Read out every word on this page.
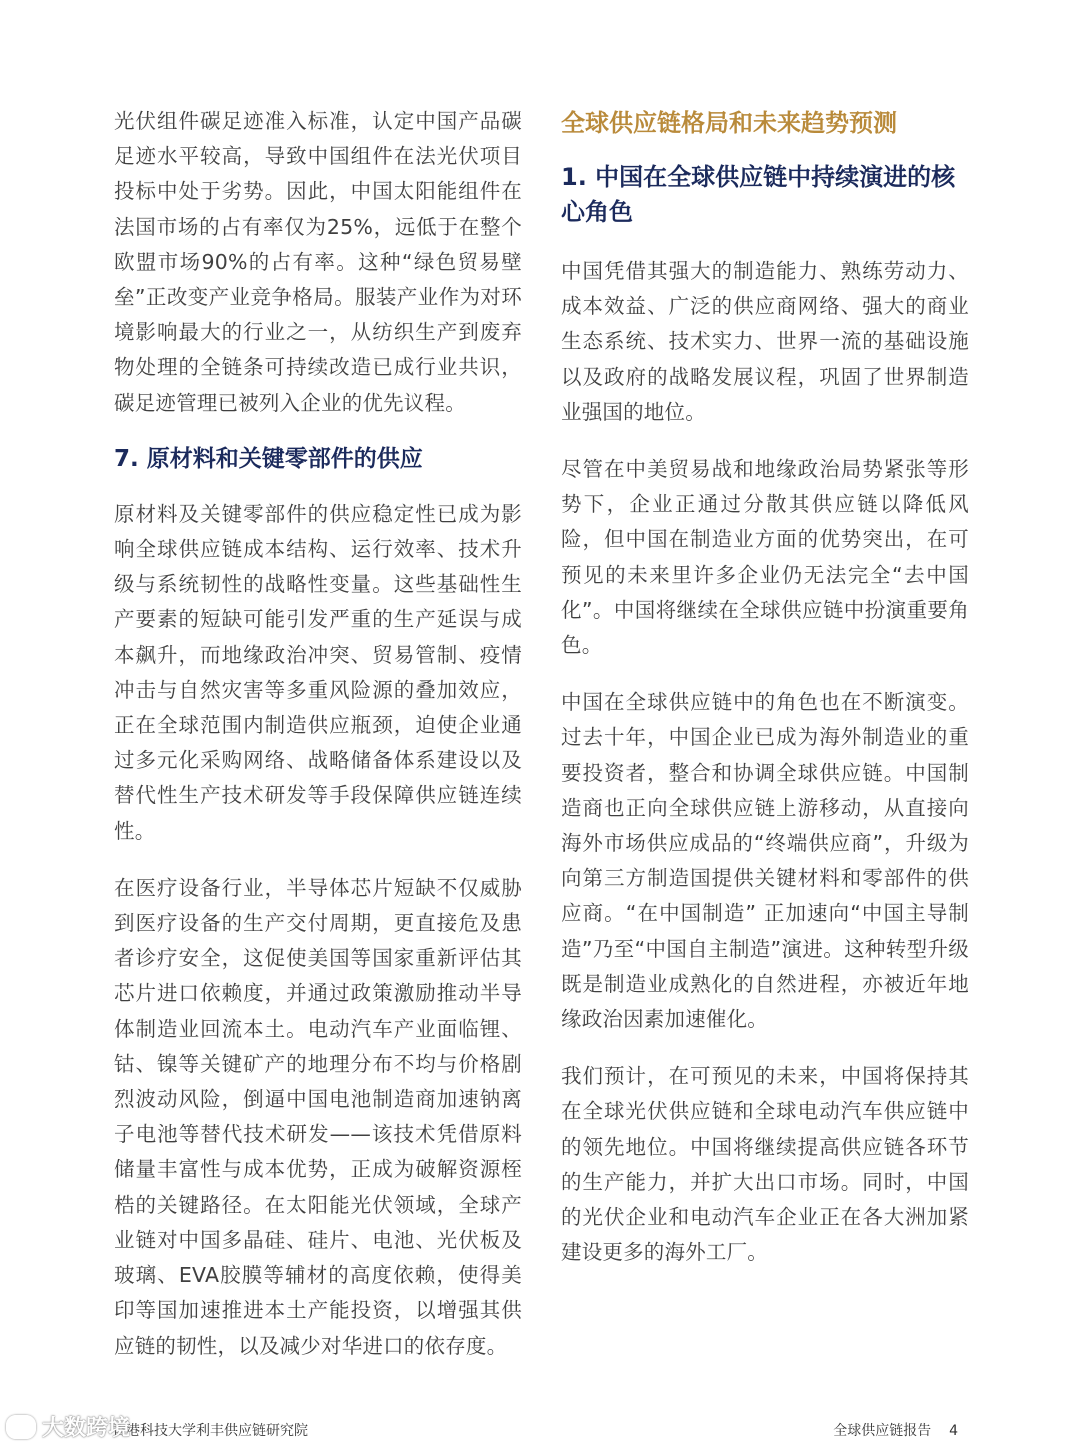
光伏组件碳足迹准入标准，认定中国产品碳足迹水平较高，导致中国组件在法光伏项目投标中处于劣势。因此，中国太阳能组件在法国市场的占有率仅为25%，远低于在整个欧盟市场90%的占有率。这种“绿色贸易壁垒”正改变产业竞争格局。服装产业作为对环境影响最大的行业之一，从纺织生产到废弃物处理的全链条可持续改造已成行业共识，碳足迹管理已被列入企业的优先议程。

7. 原材料和关键零部件的供应

原材料及关键零部件的供应稳定性已成为影响全球供应链成本结构、运行效率、技术升级与系统韧性的战略性变量。这些基础性生产要素的短缺可能引发严重的生产延误与成本飙升，而地缘政治冲突、贸易管制、疫情冲击与自然灾害等多重风险源的叠加效应，正在全球范围内制造供应瓶颈，迫使企业通过多元化采购网络、战略储备体系建设以及替代性生产技术研发等手段保障供应链连续性。

在医疗设备行业，半导体芯片短缺不仅威胁到医疗设备的生产交付周期，更直接危及患者诊疗安全，这促使美国等国家重新评估其芯片进口依赖度，并通过政策激励推动半导体制造业回流本土。电动汽车产业面临锂、钴、镍等关键矿产的地理分布不均与价格剧烈波动风险，倒逼中国电池制造商加速钠离子电池等替代技术研发——该技术凭借原料储量丰富性与成本优势，正成为破解资源桎梏的关键路径。在太阳能光伏领域，全球产业链对中国多晶硅、硅片、电池、光伏板及玻璃、EVA胶膜等辅材的高度依赖，使得美印等国加速推进本土产能投资，以增强其供应链的韧性，以及减少对华进口的依存度。

全球供应链格局和未来趋势预测
1. 中国在全球供应链中持续演进的核心角色

中国凭借其强大的制造能力、熟练劳动力、成本效益、广泛的供应商网络、强大的商业生态系统、技术实力、世界一流的基础设施以及政府的战略发展议程，巩固了世界制造业强国的地位。

尽管在中美贸易战和地缘政治局势紧张等形势下，企业正通过分散其供应链以降低风险，但中国在制造业方面的优势突出，在可预见的未来里许多企业仍无法完全“去中国化”。中国将继续在全球供应链中扮演重要角色。

中国在全球供应链中的角色也在不断演变。过去十年，中国企业已成为海外制造业的重要投资者，整合和协调全球供应链。中国制造商也正向全球供应链上游移动，从直接向海外市场供应成品的“终端供应商”，升级为向第三方制造国提供关键材料和零部件的供应商。“在中国制造” 正加速向“中国主导制造”乃至“中国自主制造”演进。这种转型升级既是制造业成熟化的自然进程，亦被近年地缘政治因素加速催化。

我们预计，在可预见的未来，中国将保持其在全球光伏供应链和全球电动汽车供应链中的领先地位。中国将继续提高供应链各环节的生产能力，并扩大出口市场。同时，中国的光伏企业和电动汽车企业正在各大洲加紧建设更多的海外工厂。

香港科技大学利丰供应链研究院	全球供应链报告 4
大数跨境
